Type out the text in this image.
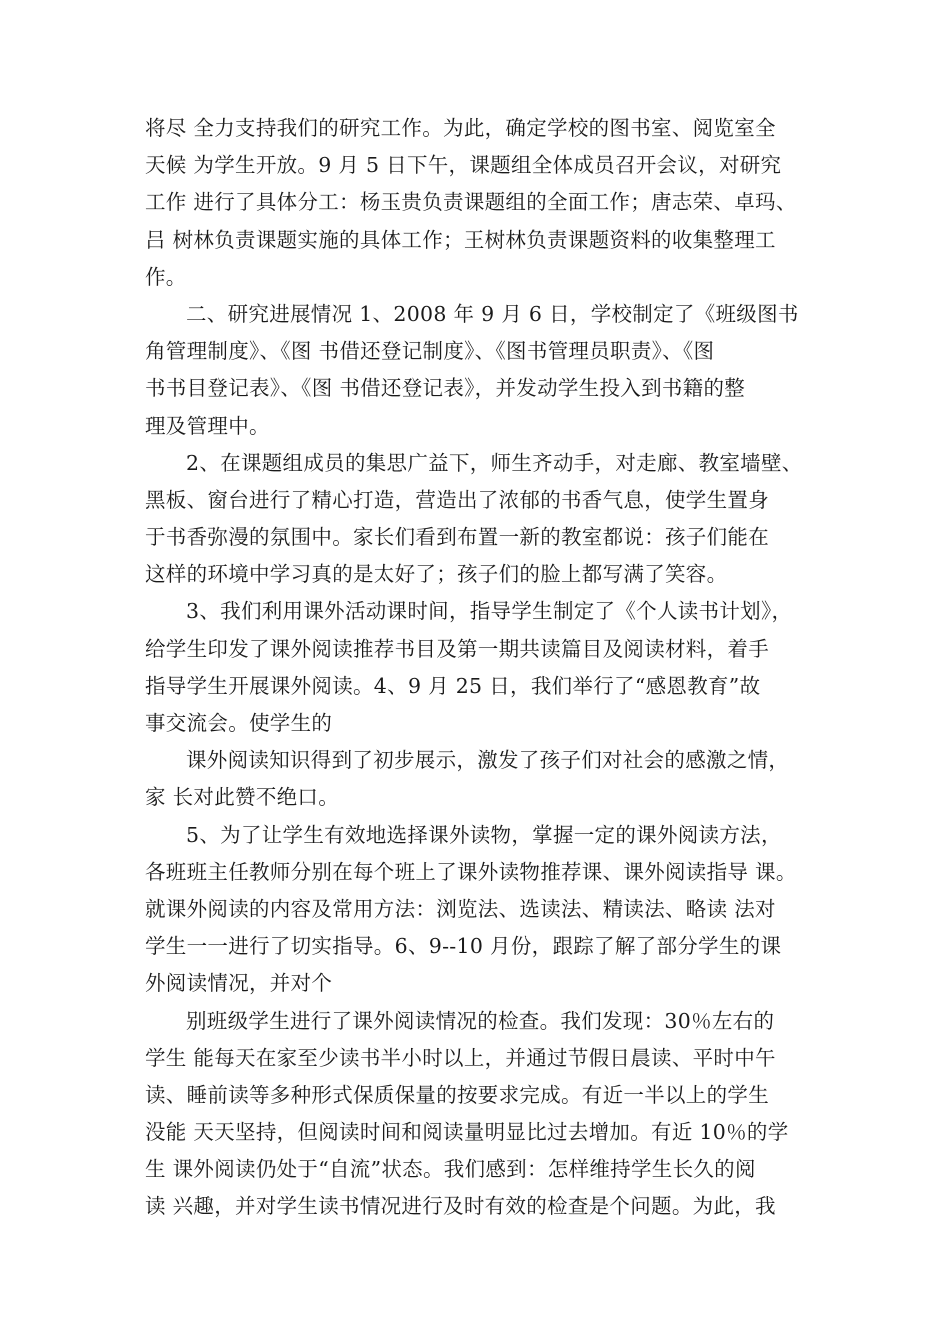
将尽 全力支持我们的研究工作。为此，确定学校的图书室、阅览室全
天候 为学生开放。9 月 5 日下午，课题组全体成员召开会议，对研究
工作 进行了具体分工：杨玉贵负责课题组的全面工作；唐志荣、卓玛、
吕 树林负责课题实施的具体工作；王树林负责课题资料的收集整理工
作。
二、研究进展情况 1、2008 年 9 月 6 日，学校制定了《班级图书
角管理制度》、《图 书借还登记制度》、《图书管理员职责》、《图
书书目登记表》、《图 书借还登记表》，并发动学生投入到书籍的整
理及管理中。
2、在课题组成员的集思广益下，师生齐动手，对走廊、教室墙壁、
黑板、窗台进行了精心打造，营造出了浓郁的书香气息，使学生置身
于书香弥漫的氛围中。家长们看到布置一新的教室都说：孩子们能在
这样的环境中学习真的是太好了；孩子们的脸上都写满了笑容。
3、我们利用课外活动课时间，指导学生制定了《个人读书计划》，
给学生印发了课外阅读推荐书目及第一期共读篇目及阅读材料，着手
指导学生开展课外阅读。4、9 月 25 日，我们举行了“感恩教育”故
事交流会。使学生的
课外阅读知识得到了初步展示，激发了孩子们对社会的感激之情，
家 长对此赞不绝口。
5、为了让学生有效地选择课外读物，掌握一定的课外阅读方法，
各班班主任教师分别在每个班上了课外读物推荐课、课外阅读指导 课。
就课外阅读的内容及常用方法：浏览法、选读法、精读法、略读 法对
学生一一进行了切实指导。6、9--10 月份，跟踪了解了部分学生的课
外阅读情况，并对个
别班级学生进行了课外阅读情况的检查。我们发现：30％左右的
学生 能每天在家至少读书半小时以上，并通过节假日晨读、平时中午
读、睡前读等多种形式保质保量的按要求完成。有近一半以上的学生
没能 天天坚持，但阅读时间和阅读量明显比过去增加。有近 10％的学
生 课外阅读仍处于“自流”状态。我们感到：怎样维持学生长久的阅
读 兴趣，并对学生读书情况进行及时有效的检查是个问题。为此，我
